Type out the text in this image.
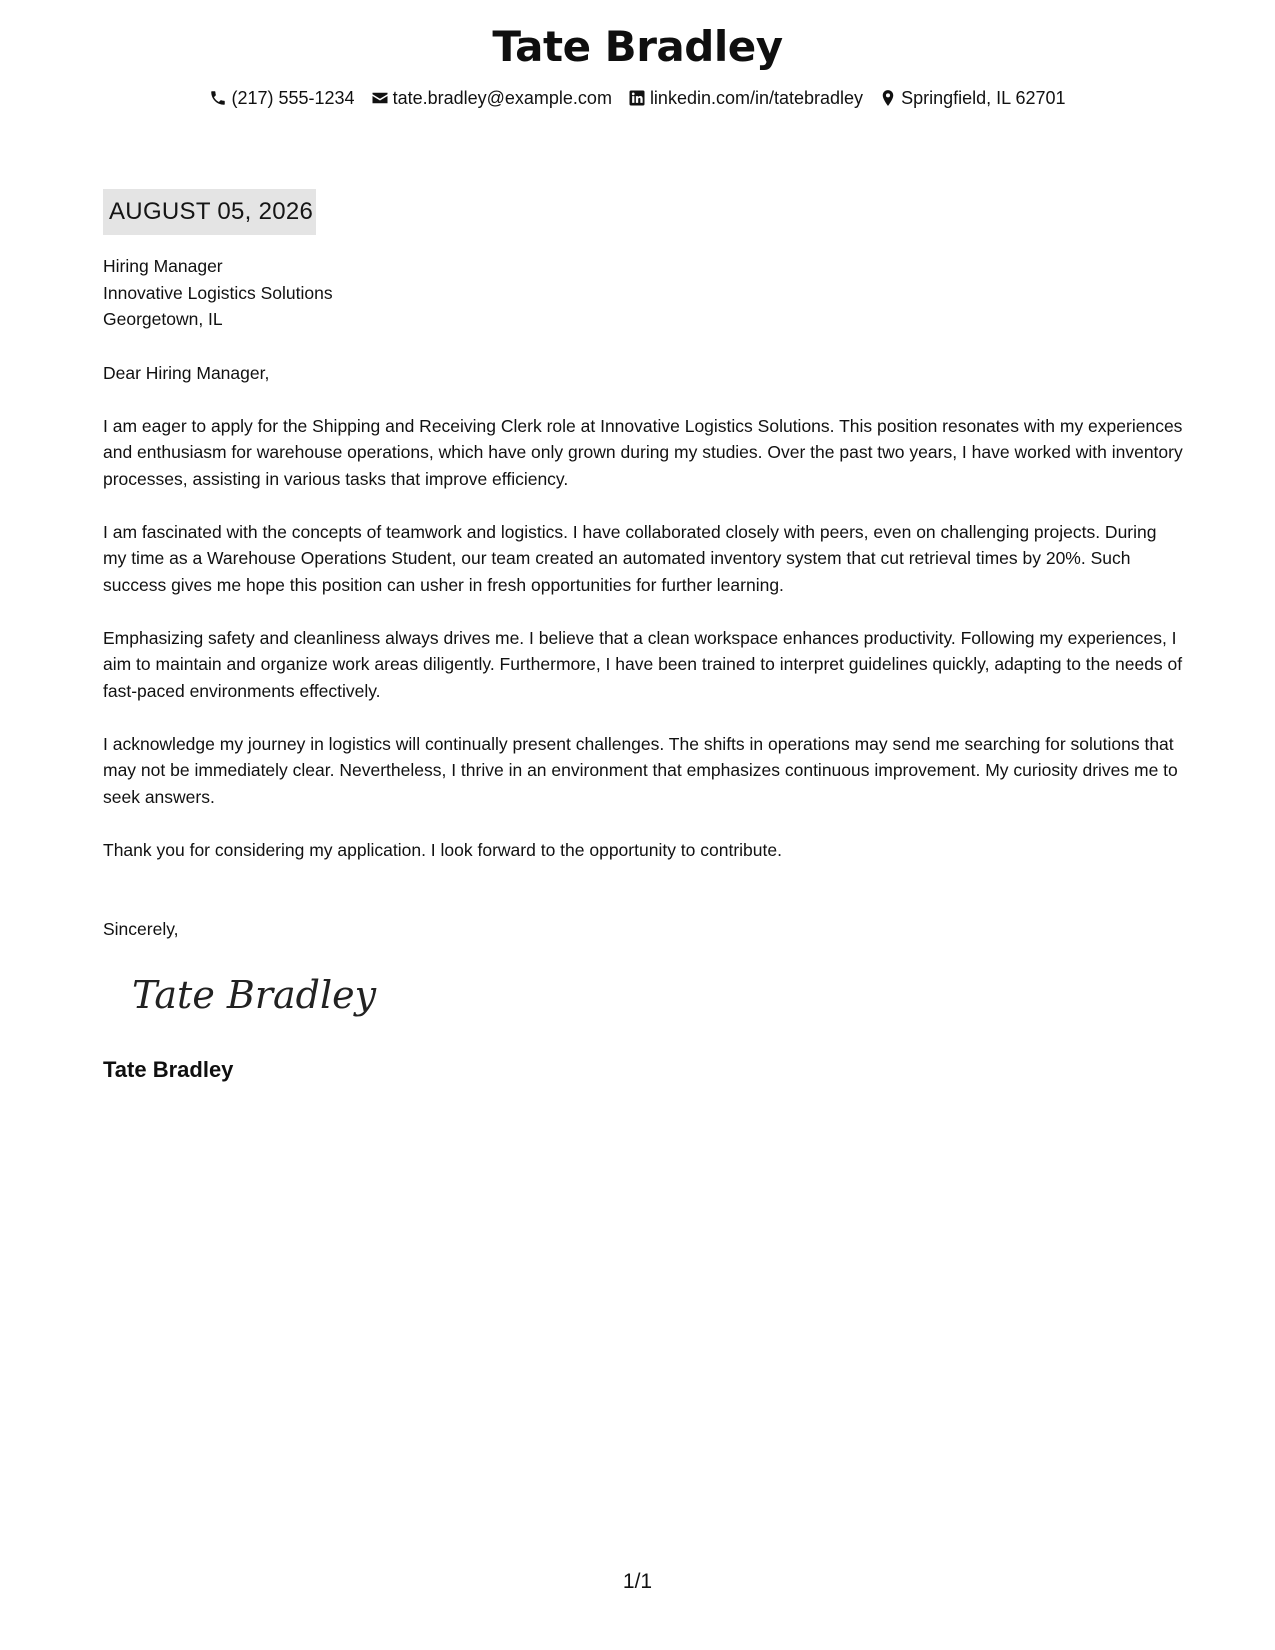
Tate Bradley
(217) 555-1234 tate.bradley@example.com linkedin.com/in/tatebradley Springfield, IL 62701
AUGUST 05, 2026
Hiring Manager
Innovative Logistics Solutions
Georgetown, IL
Dear Hiring Manager,
I am eager to apply for the Shipping and Receiving Clerk role at Innovative Logistics Solutions. This position resonates with my experiences and enthusiasm for warehouse operations, which have only grown during my studies. Over the past two years, I have worked with inventory processes, assisting in various tasks that improve efficiency.
I am fascinated with the concepts of teamwork and logistics. I have collaborated closely with peers, even on challenging projects. During my time as a Warehouse Operations Student, our team created an automated inventory system that cut retrieval times by 20%. Such success gives me hope this position can usher in fresh opportunities for further learning.
Emphasizing safety and cleanliness always drives me. I believe that a clean workspace enhances productivity. Following my experiences, I aim to maintain and organize work areas diligently. Furthermore, I have been trained to interpret guidelines quickly, adapting to the needs of fast-paced environments effectively.
I acknowledge my journey in logistics will continually present challenges. The shifts in operations may send me searching for solutions that may not be immediately clear. Nevertheless, I thrive in an environment that emphasizes continuous improvement. My curiosity drives me to seek answers.
Thank you for considering my application. I look forward to the opportunity to contribute.
Sincerely,
Tate Bradley
Tate Bradley
1/1
